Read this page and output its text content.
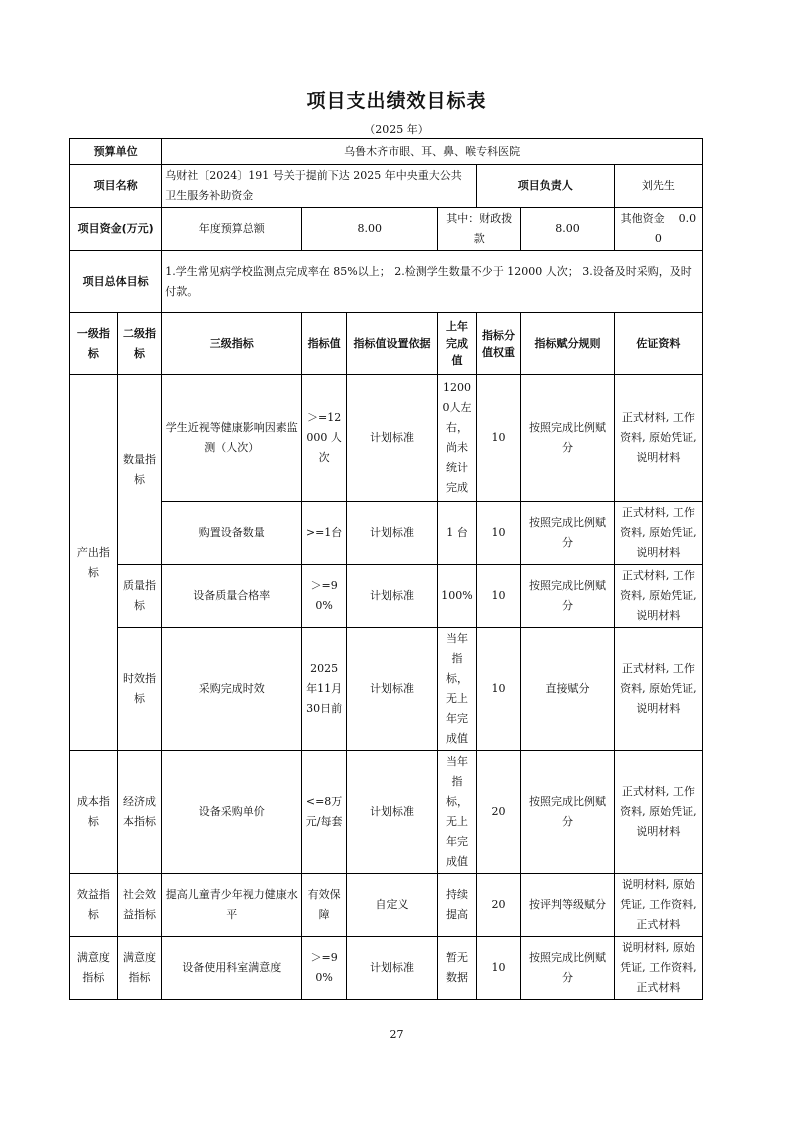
项目支出绩效目标表
（2025 年）
预算单位		乌鲁木齐市眼、耳、鼻、喉专科医院						
项目名称		乌财社〔2024〕191 号关于提前下达 2025 年中央重大公共卫生服务补助资金				项目负责人		刘先生
项目资金(万元)		年度预算总额	8.00		其中：财政拨款		8.00	其他资金 0.00
项目总体目标		1.学生常见病学校监测点完成率在 85%以上； 2.检测学生数量不少于 12000 人次； 3.设备及时采购，及时付款。						
一级指标	二级指标	三级指标	指标值	指标值设置依据	上年完成值	指标分值权重	指标赋分规则	佐证资料
产出指标	数量指标	学生近视等健康影响因素监测（人次）	＞=12000 人次	计划标准	12000人左右，尚未统计完成	10	按照完成比例赋分	正式材料, 工作资料, 原始凭证, 说明材料
		购置设备数量	>=1台	计划标准	1 台	10	按照完成比例赋分	正式材料, 工作资料, 原始凭证, 说明材料
	质量指标	设备质量合格率	＞=90%	计划标准	100%	10	按照完成比例赋分	正式材料, 工作资料, 原始凭证, 说明材料
	时效指标	采购完成时效	2025年11月30日前	计划标准	当年指标，无上年完成值	10	直接赋分	正式材料, 工作资料, 原始凭证, 说明材料
成本指标	经济成本指标	设备采购单价	<=8万元/每套	计划标准	当年指标，无上年完成值	20	按照完成比例赋分	正式材料, 工作资料, 原始凭证, 说明材料
效益指标	社会效益指标	提高儿童青少年视力健康水平	有效保障	自定义	持续提高	20	按评判等级赋分	说明材料, 原始凭证, 工作资料, 正式材料
满意度指标	满意度指标	设备使用科室满意度	＞=90%	计划标准	暂无数据	10	按照完成比例赋分	说明材料, 原始凭证, 工作资料, 正式材料
27
